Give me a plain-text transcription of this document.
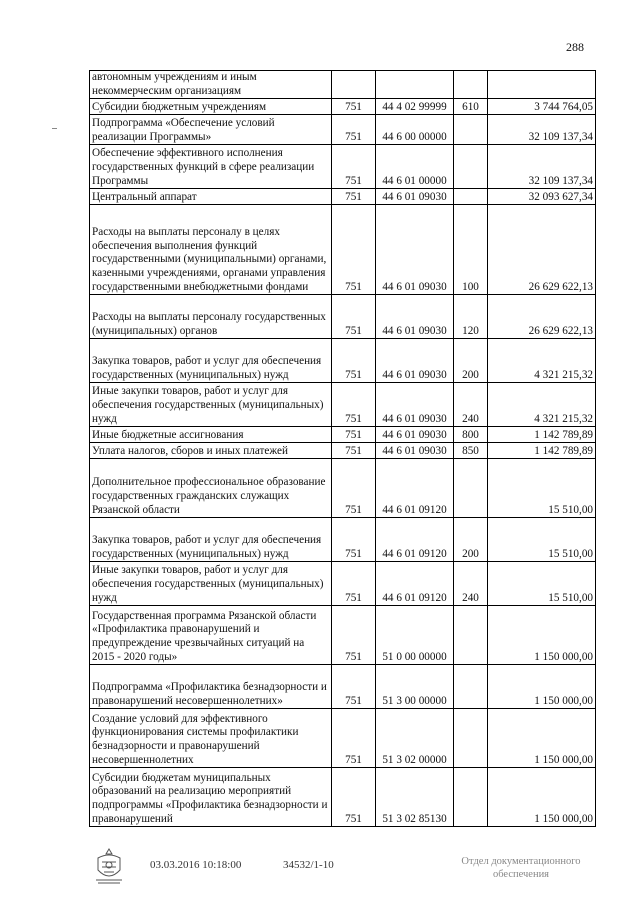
288
автономным учреждениям и иным некоммерческим организациям				
Субсидии бюджетным учреждениям	751	44 4 02 99999	610	3 744 764,05
Подпрограмма «Обеспечение условий реализации Программы»	751	44 6 00 00000		32 109 137,34
Обеспечение эффективного исполнения государственных функций в сфере реализации Программы	751	44 6 01 00000		32 109 137,34
Центральный аппарат	751	44 6 01 09030		32 093 627,34
Расходы на выплаты персоналу в целях обеспечения выполнения функций государственными (муниципальными) органами, казенными учреждениями, органами управления государственными внебюджетными фондами	751	44 6 01 09030	100	26 629 622,13
Расходы на выплаты персоналу государственных (муниципальных) органов	751	44 6 01 09030	120	26 629 622,13
Закупка товаров, работ и услуг для обеспечения государственных (муниципальных) нужд	751	44 6 01 09030	200	4 321 215,32
Иные закупки товаров, работ и услуг для обеспечения государственных (муниципальных) нужд	751	44 6 01 09030	240	4 321 215,32
Иные бюджетные ассигнования	751	44 6 01 09030	800	1 142 789,89
Уплата налогов, сборов и иных платежей	751	44 6 01 09030	850	1 142 789,89
Дополнительное профессиональное образование государственных гражданских служащих Рязанской области	751	44 6 01 09120		15 510,00
Закупка товаров, работ и услуг для обеспечения государственных (муниципальных) нужд	751	44 6 01 09120	200	15 510,00
Иные закупки товаров, работ и услуг для обеспечения государственных (муниципальных) нужд	751	44 6 01 09120	240	15 510,00
Государственная программа Рязанской области «Профилактика правонарушений и предупреждение чрезвычайных ситуаций на 2015 - 2020 годы»	751	51 0 00 00000		1 150 000,00
Подпрограмма «Профилактика безнадзорности и правонарушений несовершеннолетних»	751	51 3 00 00000		1 150 000,00
Создание условий для эффективного функционирования системы профилактики безнадзорности и правонарушений несовершеннолетних	751	51 3 02 00000		1 150 000,00
Субсидии бюджетам муниципальных образований на реализацию мероприятий подпрограммы «Профилактика безнадзорности и правонарушений	751	51 3 02 85130		1 150 000,00
03.03.2016 10:18:00	34532/1-10	Отдел документационного обеспечения
